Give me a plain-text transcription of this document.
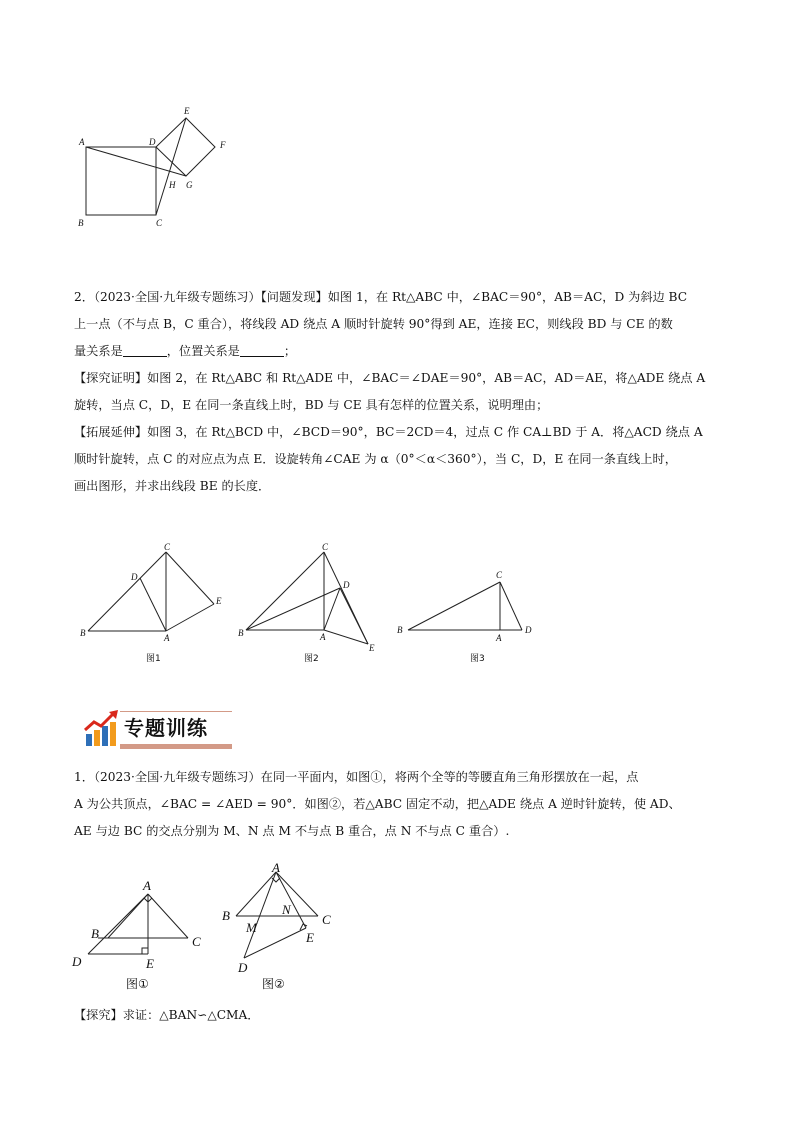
A	D
E
F
H G
B	C

2．（2023·全国·九年级专题练习）【问题发现】如图 1，在 Rt△ABC 中，∠BAC＝90°，AB＝AC，D 为斜边 BC

上一点（不与点 B，C 重合），将线段 AD 绕点 A 顺时针旋转 90°得到 AE，连接 EC，则线段 BD 与 CE 的数

量关系是	，位置关系是	；

【探究证明】如图 2，在 Rt△ABC 和 Rt△ADE 中，∠BAC＝∠DAE＝90°，AB＝AC，AD＝AE，将△ADE 绕点 A

旋转，当点 C，D，E 在同一条直线上时，BD 与 CE 具有怎样的位置关系，说明理由；

【拓展延伸】如图 3，在 Rt△BCD 中，∠BCD＝90°，BC＝2CD＝4，过点 C 作 CA⊥BD 于 A．将△ACD 绕点 A

顺时针旋转，点 C 的对应点为点 E．设旋转角∠CAE 为 α（0°＜α＜360°），当 C，D，E 在同一条直线上时，

画出图形，并求出线段 BE 的长度．

C
D
E
B	A
图1
C
D
B	A
E
图2
C
B
A
D
图3
专题训练

1．（2023·全国·九年级专题练习）在同一平面内，如图①，将两个全等的等腰直角三角形摆放在一起，点

A 为公共顶点，∠BAC = ∠AED = 90°．如图②，若△ABC 固定不动，把△ADE 绕点 A 逆时针旋转，使 AD、

AE 与边 BC 的交点分别为 M、N 点 M 不与点 B 重合，点 N 不与点 C 重合）.

A
B
C
D	E
图①
A
B	N
C
M
E
D
图②

【探究】求证：△BAN∽△CMA．
